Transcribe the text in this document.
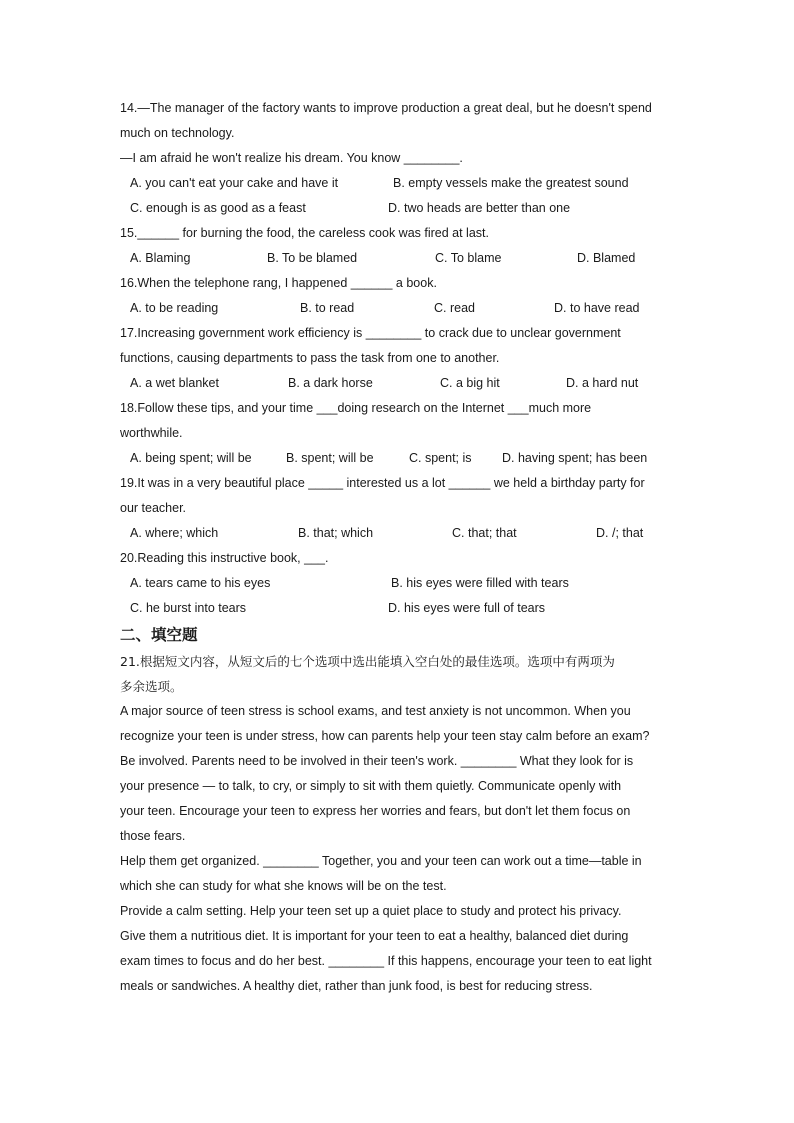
14.—The manager of the factory wants to improve production a great deal, but he doesn't spend
much on technology.
—I am afraid he won't realize his dream. You know ________.
A. you can't eat your cake and have it	B. empty vessels make the greatest sound
C. enough is as good as a feast	D. two heads are better than one
15.______ for burning the food, the careless cook was fired at last.
A. Blaming	B. To be blamed	C. To blame	D. Blamed
16.When the telephone rang, I happened ______ a book.
A. to be reading	B. to read	C. read	D. to have read
17.Increasing government work efficiency is ________ to crack due to unclear government
functions, causing departments to pass the task from one to another.
A. a wet blanket	B. a dark horse	C. a big hit	D. a hard nut
18.Follow these tips, and your time ___doing research on the Internet ___much more
worthwhile.
A. being spent; will be	B. spent; will be	C. spent; is D. having spent; has been
19.It was in a very beautiful place _____ interested us a lot ______ we held a birthday party for
our teacher.
A. where; which	B. that; which	C. that; that	D. /; that
20.Reading this instructive book, ___.
A. tears came to his eyes	B. his eyes were filled with tears
C. he burst into tears	D. his eyes were full of tears
二、填空题
21.根据短文内容，从短文后的七个选项中选出能填入空白处的最佳选项。选项中有两项为
多余选项。
A major source of teen stress is school exams, and test anxiety is not uncommon. When you
recognize your teen is under stress, how can parents help your teen stay calm before an exam?
Be involved. Parents need to be involved in their teen's work. ________ What they look for is
your presence — to talk, to cry, or simply to sit with them quietly. Communicate openly with
your teen. Encourage your teen to express her worries and fears, but don't let them focus on
those fears.
Help them get organized. ________ Together, you and your teen can work out a time—table in
which she can study for what she knows will be on the test.
Provide a calm setting. Help your teen set up a quiet place to study and protect his privacy.
Give them a nutritious diet. It is important for your teen to eat a healthy, balanced diet during
exam times to focus and do her best. ________ If this happens, encourage your teen to eat light
meals or sandwiches. A healthy diet, rather than junk food, is best for reducing stress.
